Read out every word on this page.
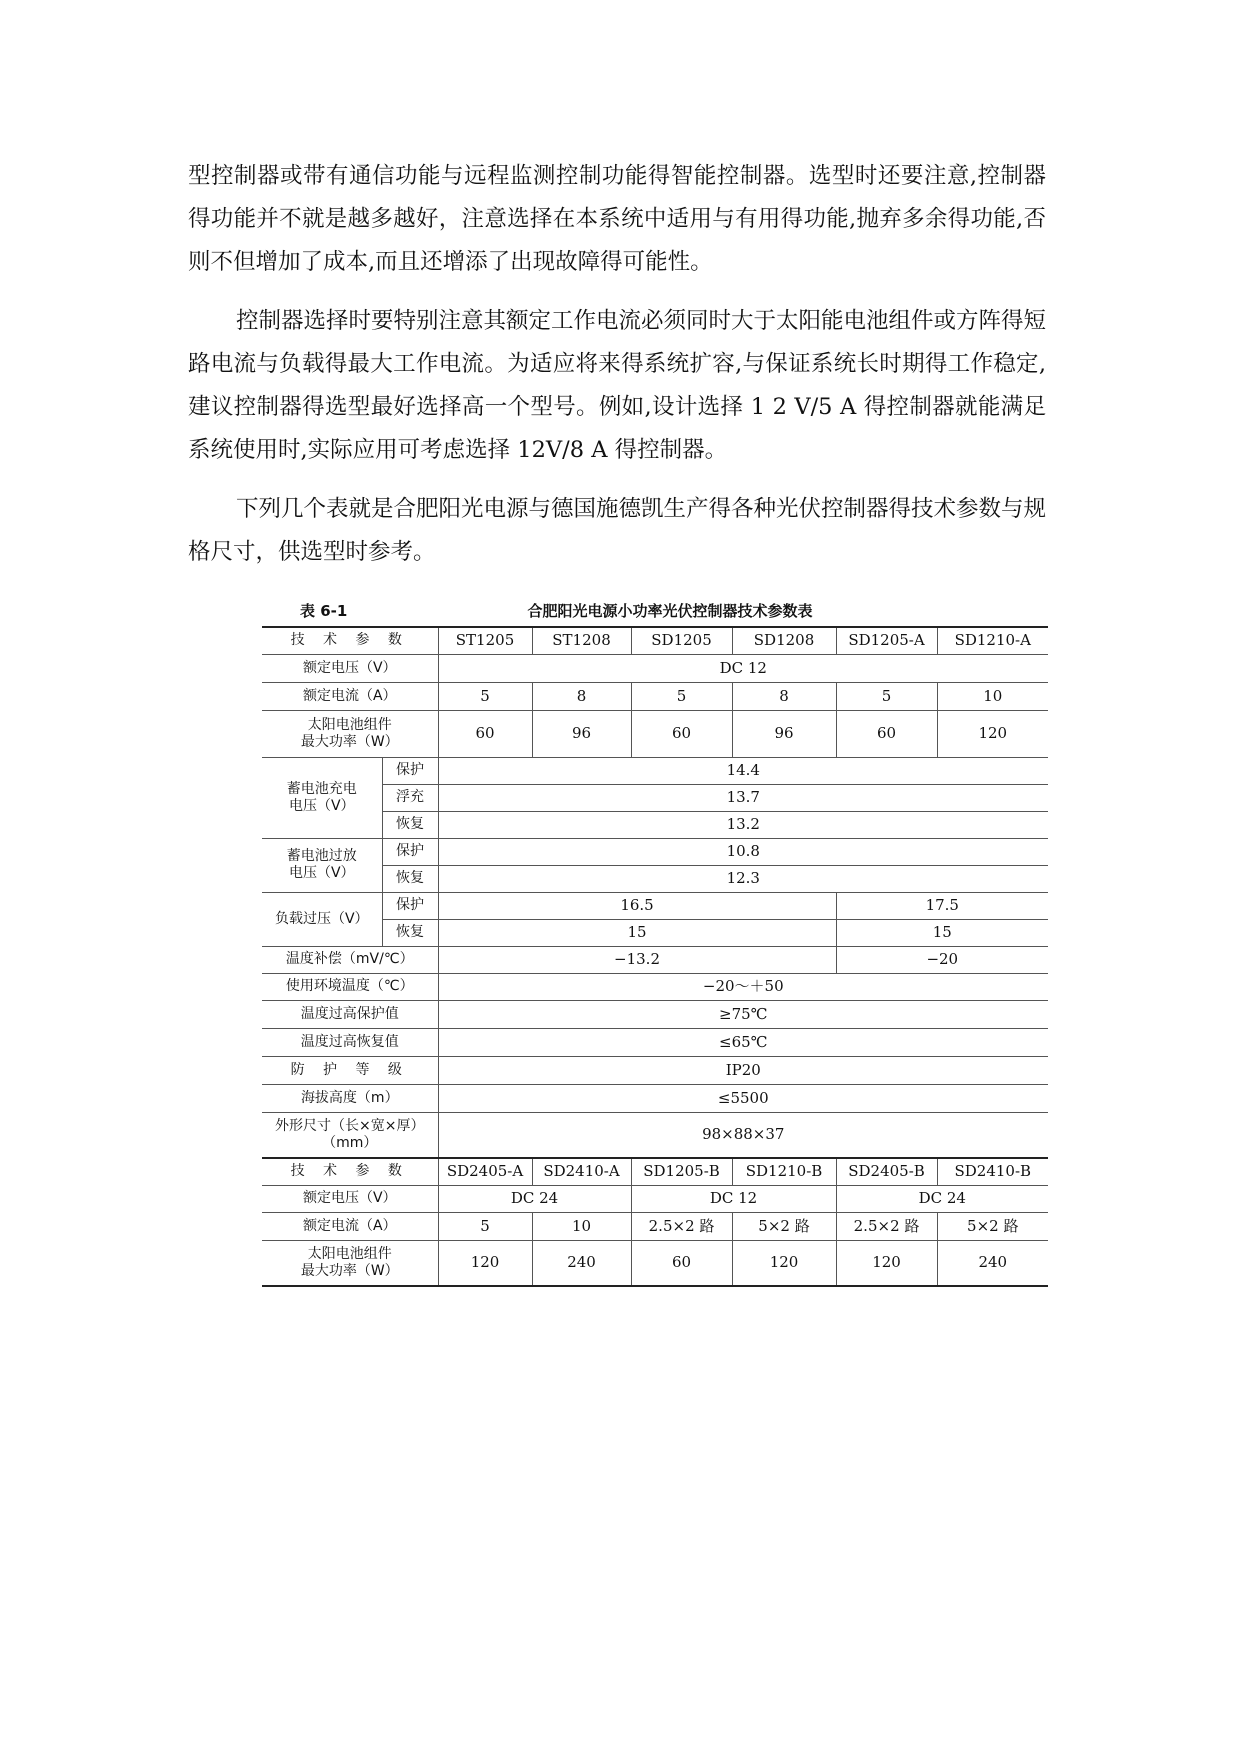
型控制器或带有通信功能与远程监测控制功能得智能控制器。选型时还要注意,控制器得功能并不就是越多越好，注意选择在本系统中适用与有用得功能,抛弃多余得功能,否则不但增加了成本,而且还增添了出现故障得可能性。

控制器选择时要特别注意其额定工作电流必须同时大于太阳能电池组件或方阵得短路电流与负载得最大工作电流。为适应将来得系统扩容,与保证系统长时期得工作稳定,建议控制器得选型最好选择高一个型号。例如,设计选择 1 2 V/5 A 得控制器就能满足系统使用时,实际应用可考虑选择 12V/8 A 得控制器。

下列几个表就是合肥阳光电源与德国施德凯生产得各种光伏控制器得技术参数与规格尺寸，供选型时参考。

表 6-1	合肥阳光电源小功率光伏控制器技术参数表
技 术 参 数		ST1205	ST1208	SD1205	SD1208	SD1205-A	SD1210-A
额定电压（V）		DC 12					
额定电流（A）		5	8	5	8	5	10

太阳电池组件
最大功率（W）		60	96	60	96	60	120

蓄电池充电
电压（V）	保护	14.4					
	浮充	13.7					
	恢复	13.2					

蓄电池过放
电压（V）	保护	10.8					
	恢复	12.3					
负载过压（V）	保护	16.5				17.5	
	恢复	15				15	
温度补偿（mV/℃）		−13.2				−20	
使用环境温度（℃）		−20～＋50					
温度过高保护值		≥75℃					
温度过高恢复值		≤65℃					
防 护 等 级		IP20					
海拔高度（m）		≤5500					

外形尺寸（长×宽×厚）
（mm）		98×88×37					
技 术 参 数		SD2405-A	SD2410-A	SD1205-B	SD1210-B	SD2405-B	SD2410-B
额定电压（V）		DC 24		DC 12		DC 24	
额定电流（A）		5	10	2.5×2 路	5×2 路	2.5×2 路	5×2 路

太阳电池组件
最大功率（W）		120	240	60	120	120	240
